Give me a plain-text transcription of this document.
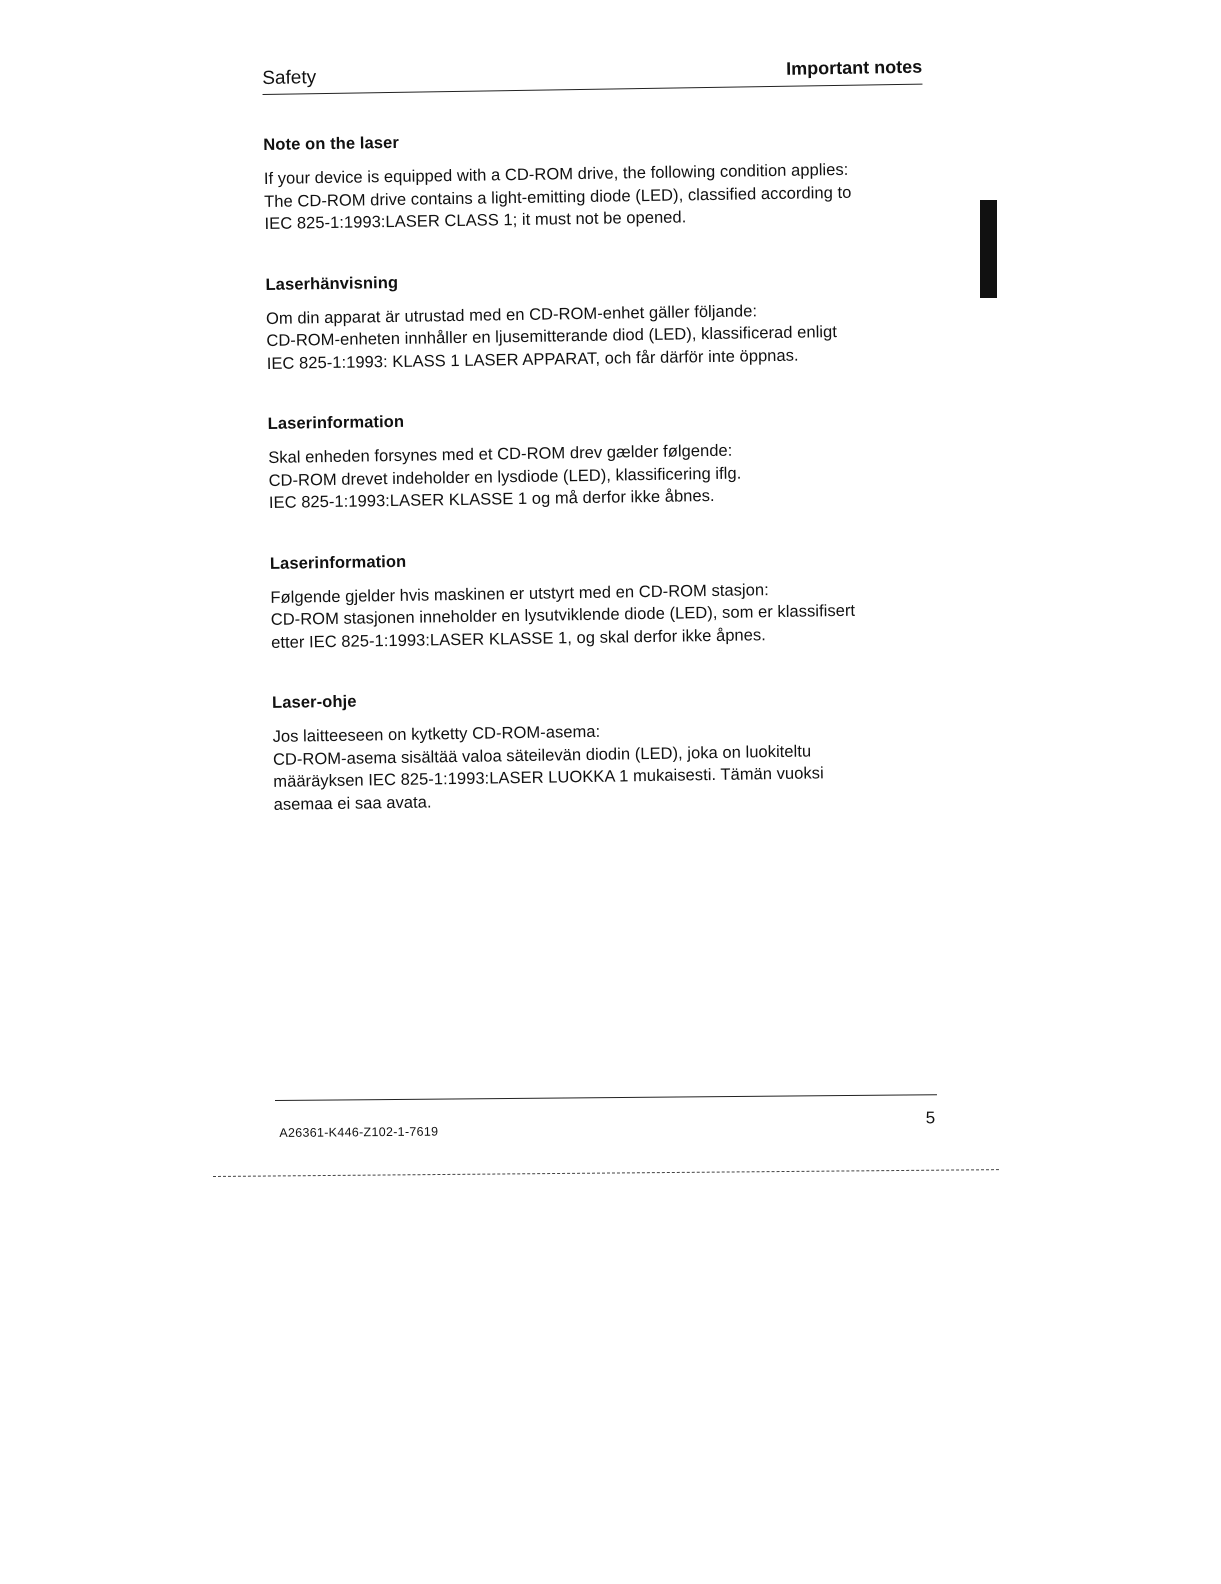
Safety	Important notes
Note on the laser

If your device is equipped with a CD-ROM drive, the following condition applies:
The CD-ROM drive contains a light-emitting diode (LED), classified according to
IEC 825-1:1993:LASER CLASS 1; it must not be opened.

Laserhänvisning

Om din apparat är utrustad med en CD-ROM-enhet gäller följande:
CD-ROM-enheten innhåller en ljusemitterande diod (LED), klassificerad enligt
IEC 825-1:1993: KLASS 1 LASER APPARAT, och får därför inte öppnas.

Laserinformation

Skal enheden forsynes med et CD-ROM drev gælder følgende:
CD-ROM drevet indeholder en lysdiode (LED), klassificering iflg.
IEC 825-1:1993:LASER KLASSE 1 og må derfor ikke åbnes.

Laserinformation

Følgende gjelder hvis maskinen er utstyrt med en CD-ROM stasjon:
CD-ROM stasjonen inneholder en lysutviklende diode (LED), som er klassifisert
etter IEC 825-1:1993:LASER KLASSE 1, og skal derfor ikke åpnes.

Laser-ohje

Jos laitteeseen on kytketty CD-ROM-asema:
CD-ROM-asema sisältää valoa säteilevän diodin (LED), joka on luokiteltu
määräyksen IEC 825-1:1993:LASER LUOKKA 1 mukaisesti. Tämän vuoksi
asemaa ei saa avata.

A26361-K446-Z102-1-7619
5
